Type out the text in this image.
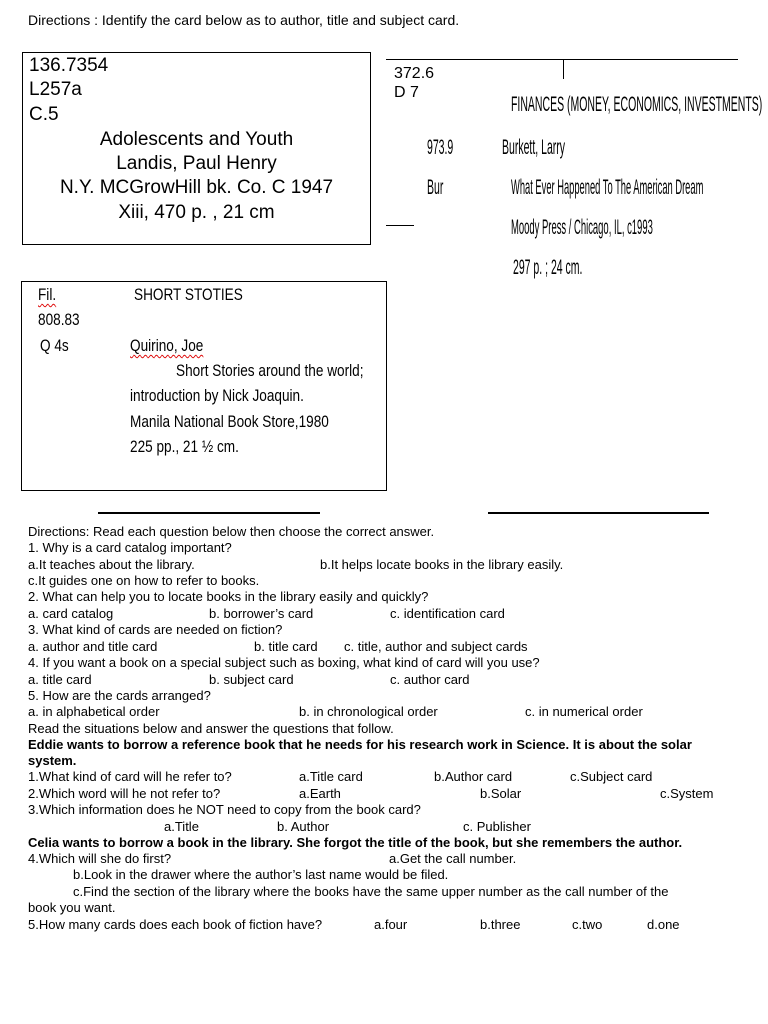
Directions : Identify the card below as to author, title and subject card.
136.7354
L257a
C.5
Adolescents and Youth
Landis, Paul Henry
N.Y. MCGrowHill bk. Co. C 1947
Xiii, 470 p. , 21 cm
372.6
D 7
FINANCES (MONEY, ECONOMICS, INVESTMENTS)
973.9 Burkett, Larry
Bur	What Ever Happened To The American Dream
Moody Press / Chicago, IL, c1993
297 p. ; 24 cm.
Fil.	SHORT STOTIES
808.83
Q 4s	Quirino, Joe
Short Stories around the world;
introduction by Nick Joaquin.
Manila National Book Store,1980
225 pp., 21 ½ cm.
Directions: Read each question below then choose the correct answer.
1. Why is a card catalog important?
a.It teaches about the library.	b.It helps locate books in the library easily.
c.It guides one on how to refer to books.
2. What can help you to locate books in the library easily and quickly?
a. card catalog	b. borrower’s card	c. identification card
3. What kind of cards are needed on fiction?
a. author and title card	b. title card c. title, author and subject cards
4. If you want a book on a special subject such as boxing, what kind of card will you use?
a. title card	b. subject card	c. author card
5. How are the cards arranged?
a. in alphabetical order	b. in chronological order	c. in numerical order
Read the situations below and answer the questions that follow.
Eddie wants to borrow a reference book that he needs for his research work in Science. It is about the solar
system.
1.What kind of card will he refer to?	a.Title card	b.Author card	c.Subject card
2.Which word will he not refer to?	a.Earth	b.Solar	c.System
3.Which information does he NOT need to copy from the book card?
a.Title	b. Author	c. Publisher
Celia wants to borrow a book in the library. She forgot the title of the book, but she remembers the author.
4.Which will she do first?	a.Get the call number.
b.Look in the drawer where the author’s last name would be filed.
c.Find the section of the library where the books have the same upper number as the call number of the
book you want.
5.How many cards does each book of fiction have?	a.four	b.three	c.two	d.one
